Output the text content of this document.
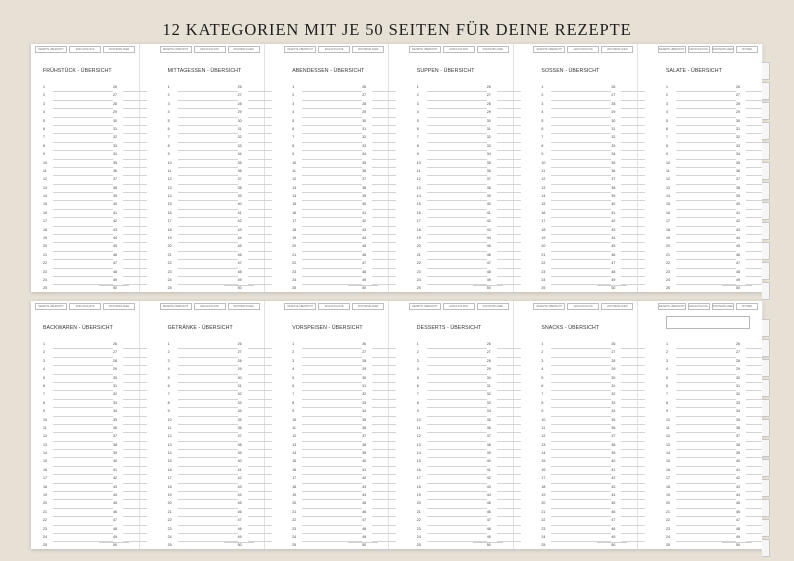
12 KATEGORIEN MIT JE 50 SEITEN FÜR DEINE REZEPTE
REZEPTE ÜBERSICHT	EINKAUFSLISTE	WOCHENPLANER
FRÜHSTÜCK - ÜBERSICHT
1
2
3
4
5
6
7
8
9
10
11
12
13
14
15
16
17
18
19
20
21
22
23
24
25
26
27
28
29
30
31
32
33
34
35
36
37
38
39
40
41
42
43
44
45
46
47
48
49
50
REZEPTE ÜBERSICHT	EINKAUFSLISTE	WOCHENPLANER
MITTAGESSEN - ÜBERSICHT
1
2
3
4
5
6
7
8
9
10
11
12
13
14
15
16
17
18
19
20
21
22
23
24
25
26
27
28
29
30
31
32
33
34
35
36
37
38
39
40
41
42
43
44
45
46
47
48
49
50
REZEPTE ÜBERSICHT	EINKAUFSLISTE	WOCHENPLANER
ABENDESSEN - ÜBERSICHT
1
2
3
4
5
6
7
8
9
10
11
12
13
14
15
16
17
18
19
20
21
22
23
24
25
26
27
28
29
30
31
32
33
34
35
36
37
38
39
40
41
42
43
44
45
46
47
48
49
50
REZEPTE ÜBERSICHT	EINKAUFSLISTE	WOCHENPLANER
SUPPEN - ÜBERSICHT
1
2
3
4
5
6
7
8
9
10
11
12
13
14
15
16
17
18
19
20
21
22
23
24
25
26
27
28
29
30
31
32
33
34
35
36
37
38
39
40
41
42
43
44
45
46
47
48
49
50
REZEPTE ÜBERSICHT	EINKAUFSLISTE	WOCHENPLANER
SOSSEN - ÜBERSICHT
1
2
3
4
5
6
7
8
9
10
11
12
13
14
15
16
17
18
19
20
21
22
23
24
25
26
27
28
29
30
31
32
33
34
35
36
37
38
39
40
41
42
43
44
45
46
47
48
49
50
REZEPTE ÜBERSICHT	EINKAUFSLISTE	WOCHENPLANER	NOTIZEN
SALATE - ÜBERSICHT
1
2
3
4
5
6
7
8
9
10
11
12
13
14
15
16
17
18
19
20
21
22
23
24
25
26
27
28
29
30
31
32
33
34
35
36
37
38
39
40
41
42
43
44
45
46
47
48
49
50
REZEPTE ÜBERSICHT	EINKAUFSLISTE	WOCHENPLANER
BACKWAREN - ÜBERSICHT
1
2
3
4
5
6
7
8
9
10
11
12
13
14
15
16
17
18
19
20
21
22
23
24
25
26
27
28
29
30
31
32
33
34
35
36
37
38
39
40
41
42
43
44
45
46
47
48
49
50
REZEPTE ÜBERSICHT	EINKAUFSLISTE	WOCHENPLANER
GETRÄNKE - ÜBERSICHT
1
2
3
4
5
6
7
8
9
10
11
12
13
14
15
16
17
18
19
20
21
22
23
24
25
26
27
28
29
30
31
32
33
34
35
36
37
38
39
40
41
42
43
44
45
46
47
48
49
50
REZEPTE ÜBERSICHT	EINKAUFSLISTE	WOCHENPLANER
VORSPEISEN - ÜBERSICHT
1
2
3
4
5
6
7
8
9
10
11
12
13
14
15
16
17
18
19
20
21
22
23
24
25
26
27
28
29
30
31
32
33
34
35
36
37
38
39
40
41
42
43
44
45
46
47
48
49
50
REZEPTE ÜBERSICHT	EINKAUFSLISTE	WOCHENPLANER
DESSERTS - ÜBERSICHT
1
2
3
4
5
6
7
8
9
10
11
12
13
14
15
16
17
18
19
20
21
22
23
24
25
26
27
28
29
30
31
32
33
34
35
36
37
38
39
40
41
42
43
44
45
46
47
48
49
50
REZEPTE ÜBERSICHT	EINKAUFSLISTE	WOCHENPLANER
SNACKS - ÜBERSICHT
1
2
3
4
5
6
7
8
9
10
11
12
13
14
15
16
17
18
19
20
21
22
23
24
25
26
27
28
29
30
31
32
33
34
35
36
37
38
39
40
41
42
43
44
45
46
47
48
49
50
REZEPTE ÜBERSICHT	EINKAUFSLISTE	WOCHENPLANER	NOTIZEN
1
2
3
4
5
6
7
8
9
10
11
12
13
14
15
16
17
18
19
20
21
22
23
24
25
26
27
28
29
30
31
32
33
34
35
36
37
38
39
40
41
42
43
44
45
46
47
48
49
50
